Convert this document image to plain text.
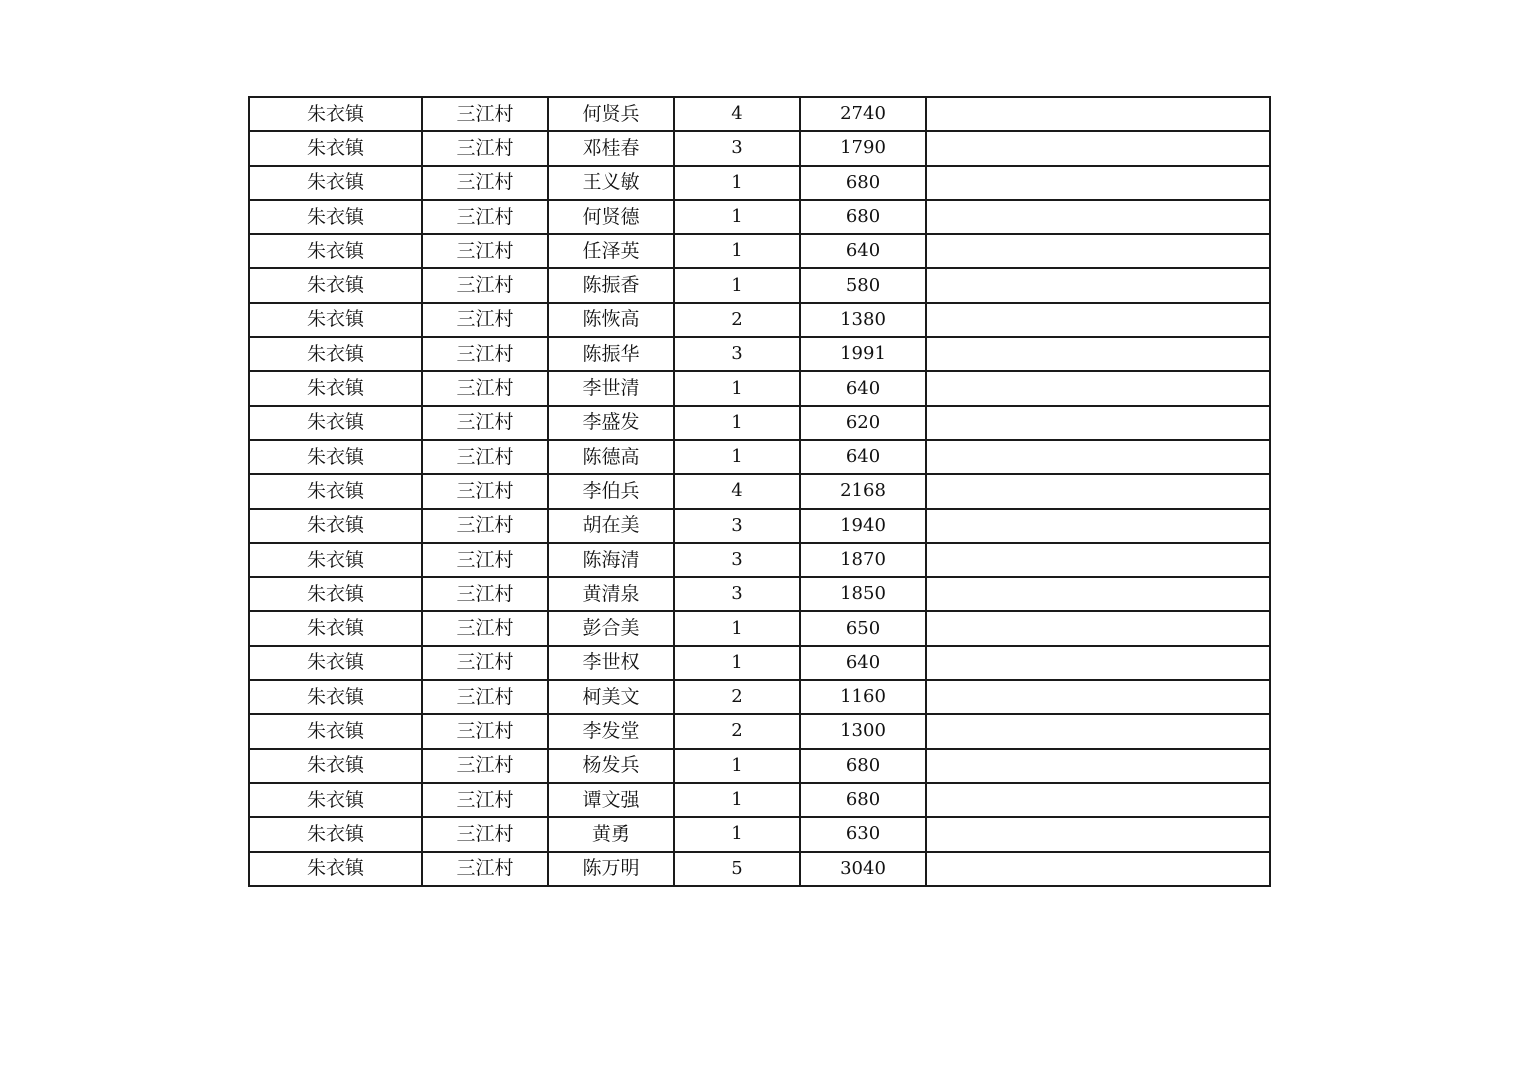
朱衣镇	三江村	何贤兵	4	2740	
朱衣镇	三江村	邓桂春	3	1790	
朱衣镇	三江村	王义敏	1	680	
朱衣镇	三江村	何贤德	1	680	
朱衣镇	三江村	任泽英	1	640	
朱衣镇	三江村	陈振香	1	580	
朱衣镇	三江村	陈恢高	2	1380	
朱衣镇	三江村	陈振华	3	1991	
朱衣镇	三江村	李世清	1	640	
朱衣镇	三江村	李盛发	1	620	
朱衣镇	三江村	陈德高	1	640	
朱衣镇	三江村	李伯兵	4	2168	
朱衣镇	三江村	胡在美	3	1940	
朱衣镇	三江村	陈海清	3	1870	
朱衣镇	三江村	黄清泉	3	1850	
朱衣镇	三江村	彭合美	1	650	
朱衣镇	三江村	李世权	1	640	
朱衣镇	三江村	柯美文	2	1160	
朱衣镇	三江村	李发堂	2	1300	
朱衣镇	三江村	杨发兵	1	680	
朱衣镇	三江村	谭文强	1	680	
朱衣镇	三江村	黄勇	1	630	
朱衣镇	三江村	陈万明	5	3040	
